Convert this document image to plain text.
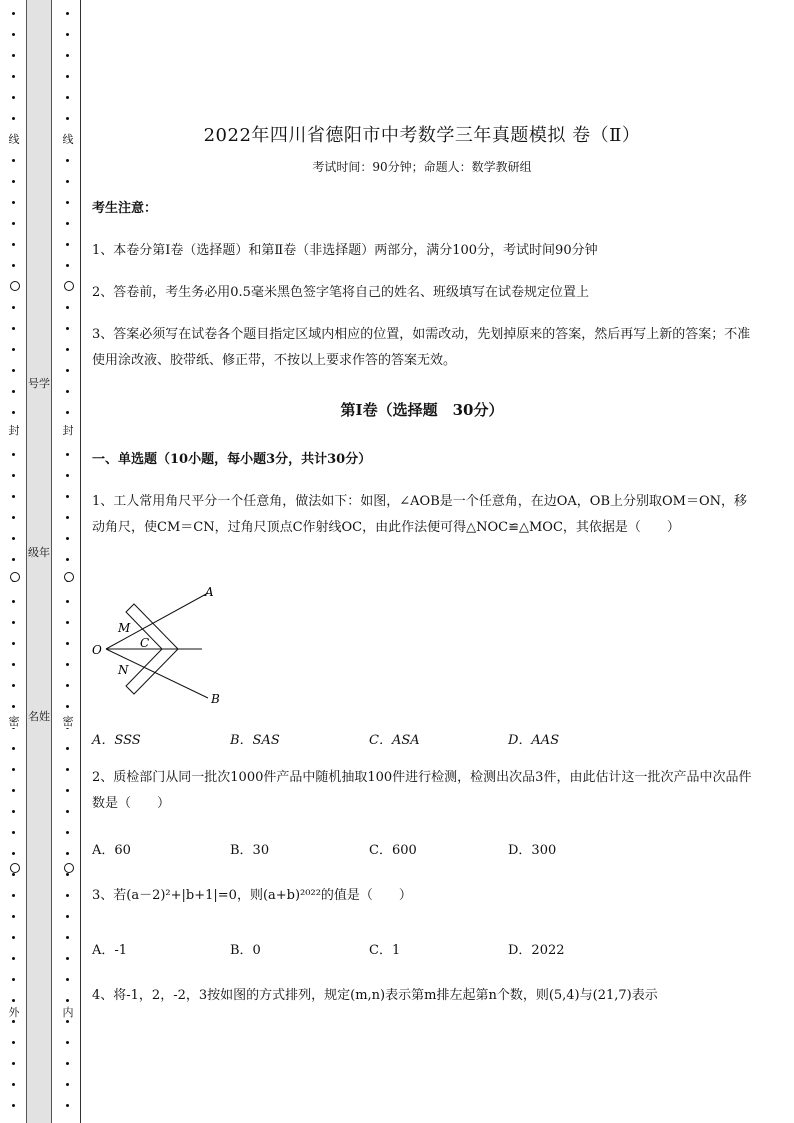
号学
级年
名姓
线
封
密
外
线
封
密
内
2022年四川省德阳市中考数学三年真题模拟 卷（Ⅱ）
考试时间：90分钟；命题人：数学教研组
考生注意：
1、本卷分第Ⅰ卷（选择题）和第Ⅱ卷（非选择题）两部分，满分100分，考试时间90分钟
2、答卷前，考生务必用0.5毫米黑色签字笔将自己的姓名、班级填写在试卷规定位置上
3、答案必须写在试卷各个题目指定区域内相应的位置，如需改动，先划掉原来的答案，然后再写上新的答案；不准使用涂改液、胶带纸、修正带，不按以上要求作答的答案无效。
第Ⅰ卷（选择题　30分）
一、单选题（10小题，每小题3分，共计30分）
1、工人常用角尺平分一个任意角，做法如下：如图，∠AOB是一个任意角，在边OA，OB上分别取OM＝ON，移动角尺，使CM＝CN，过角尺顶点C作射线OC，由此作法便可得△NOC≌△MOC，其依据是（　　）
A
B
O
M
N
C
A．SSS	B．SAS	C．ASA	D．AAS
2、质检部门从同一批次1000件产品中随机抽取100件进行检测，检测出次品3件，由此估计这一批次产品中次品件数是（　　）
A．60	B．30	C．600	D．300
3、若(a－2)²+|b+1|=0，则(a+b)²⁰²²的值是（　　）
A．-1	B．0	C．1	D．2022
4、将-1，2，-2，3按如图的方式排列，规定(m,n)表示第m排左起第n个数，则(5,4)与(21,7)表示
